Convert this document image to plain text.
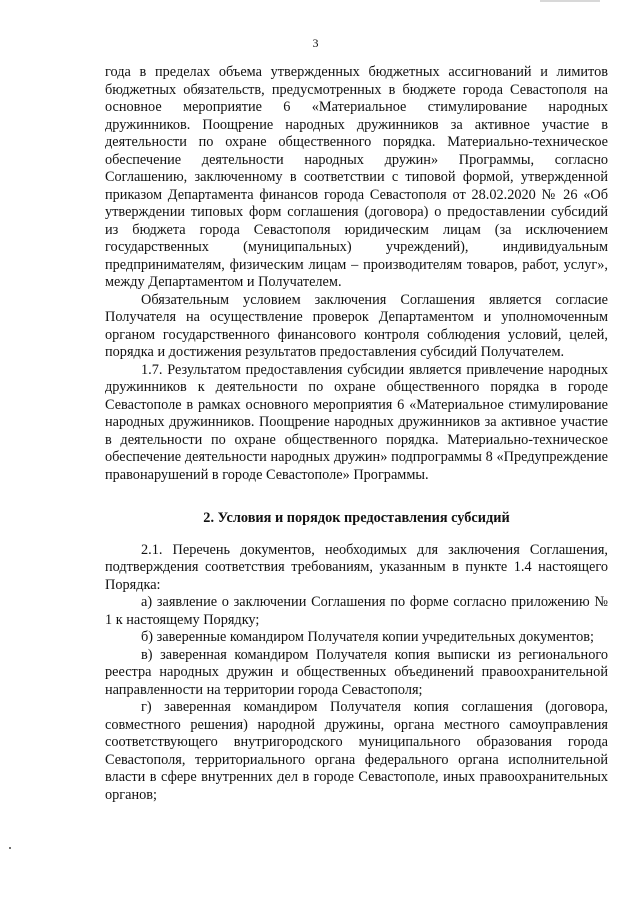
3

года в пределах объема утвержденных бюджетных ассигнований и лимитов бюджетных обязательств, предусмотренных в бюджете города Севастополя на основное мероприятие 6 «Материальное стимулирование народных дружинников. Поощрение народных дружинников за активное участие в деятельности по охране общественного порядка. Материально-техническое обеспечение деятельности народных дружин» Программы, согласно Соглашению, заключенному в соответствии с типовой формой, утвержденной приказом Департамента финансов города Севастополя от 28.02.2020 № 26 «Об утверждении типовых форм соглашения (договора) о предоставлении субсидий из бюджета города Севастополя юридическим лицам (за исключением государственных (муниципальных) учреждений), индивидуальным предпринимателям, физическим лицам – производителям товаров, работ, услуг», между Департаментом и Получателем.

Обязательным условием заключения Соглашения является согласие Получателя на осуществление проверок Департаментом и уполномоченным органом государственного финансового контроля соблюдения условий, целей, порядка и достижения результатов предоставления субсидий Получателем.

1.7. Результатом предоставления субсидии является привлечение народных дружинников к деятельности по охране общественного порядка в городе Севастополе в рамках основного мероприятия 6 «Материальное стимулирование народных дружинников. Поощрение народных дружинников за активное участие в деятельности по охране общественного порядка. Материально-техническое обеспечение деятельности народных дружин» подпрограммы 8 «Предупреждение правонарушений в городе Севастополе» Программы.

2. Условия и порядок предоставления субсидий

2.1. Перечень документов, необходимых для заключения Соглашения, подтверждения соответствия требованиям, указанным в пункте 1.4 настоящего Порядка:

а) заявление о заключении Соглашения по форме согласно приложению № 1 к настоящему Порядку;

б) заверенные командиром Получателя копии учредительных документов;

в) заверенная командиром Получателя копия выписки из регионального реестра народных дружин и общественных объединений правоохранительной направленности на территории города Севастополя;

г) заверенная командиром Получателя копия соглашения (договора, совместного решения) народной дружины, органа местного самоуправления соответствующего внутригородского муниципального образования города Севастополя, территориального органа федерального органа исполнительной власти в сфере внутренних дел в городе Севастополе, иных правоохранительных органов;
